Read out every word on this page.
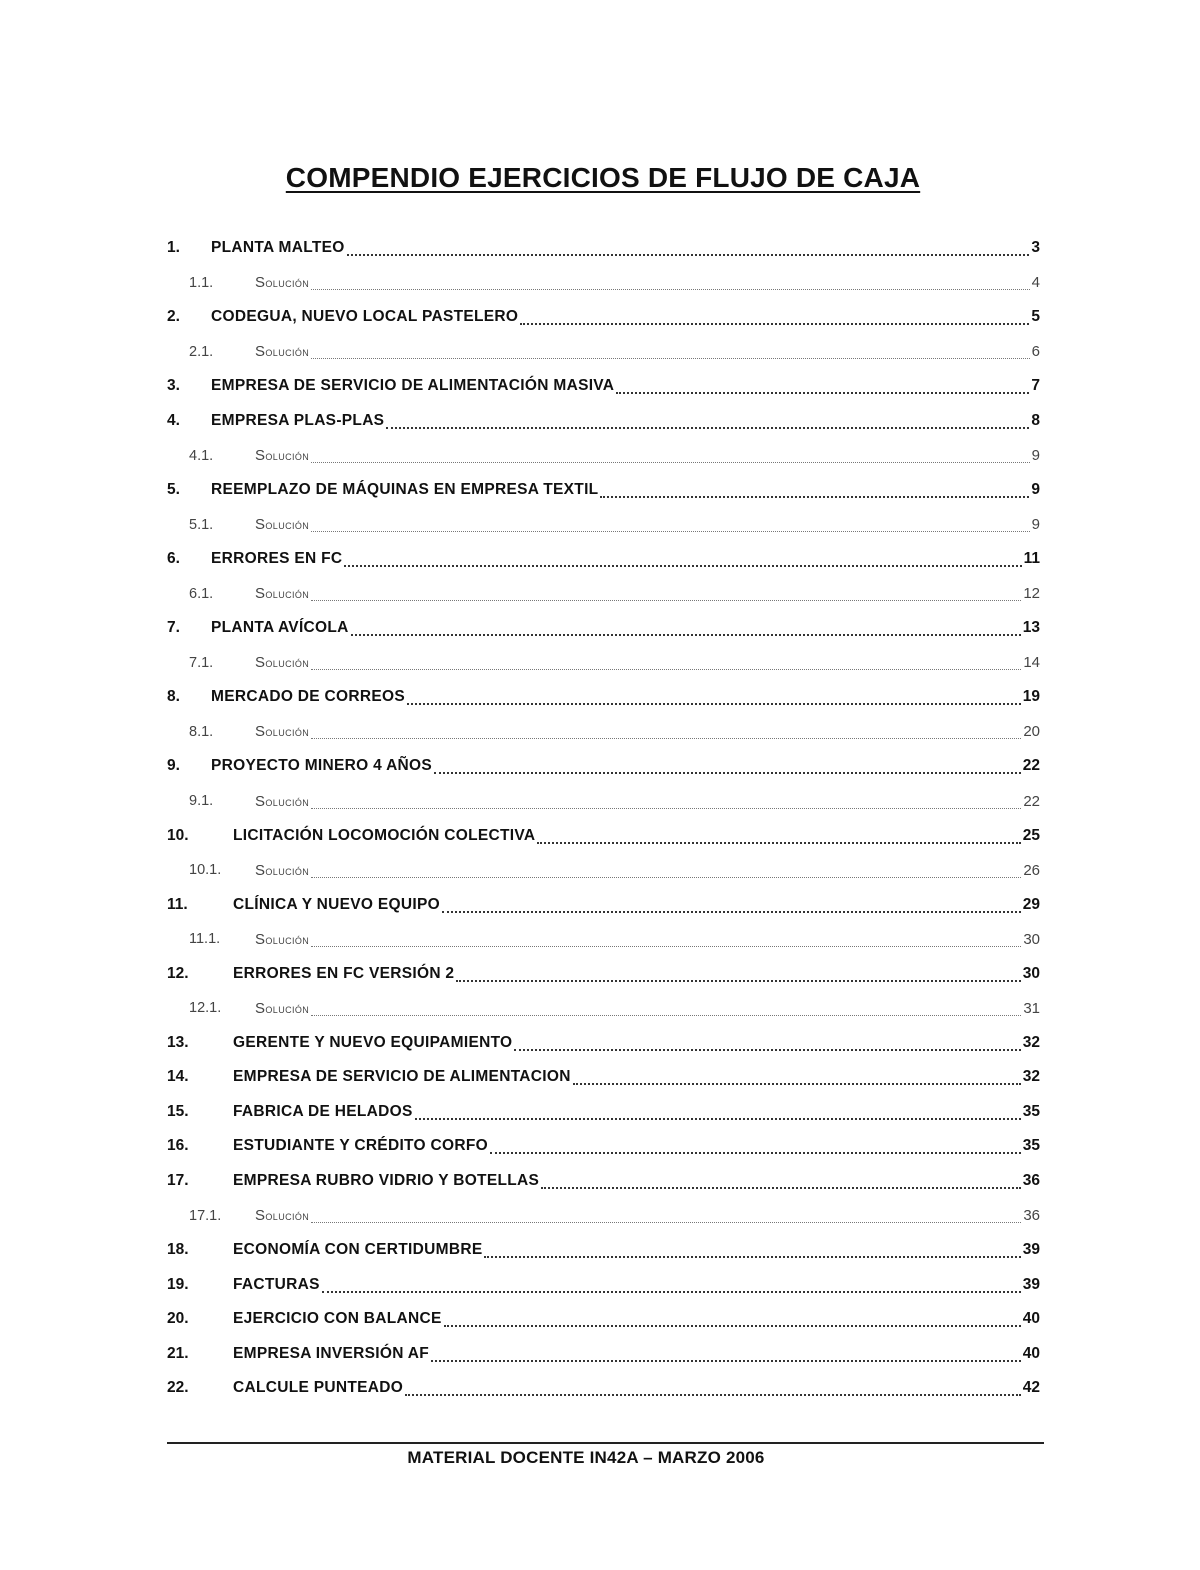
COMPENDIO EJERCICIOS DE FLUJO DE CAJA
1.	PLANTA MALTEO	3
1.1.	Solución	4
2.	CODEGUA, NUEVO LOCAL PASTELERO	5
2.1.	Solución	6
3.	EMPRESA DE SERVICIO DE ALIMENTACIÓN MASIVA	7
4.	EMPRESA PLAS-PLAS	8
4.1.	Solución	9
5.	REEMPLAZO DE MÁQUINAS EN EMPRESA TEXTIL	9
5.1.	Solución	9
6.	ERRORES EN FC	11
6.1.	Solución	12
7.	PLANTA AVÍCOLA	13
7.1.	Solución	14
8.	MERCADO DE CORREOS	19
8.1.	Solución	20
9.	PROYECTO MINERO 4 AÑOS	22
9.1.	Solución	22
10.	LICITACIÓN LOCOMOCIÓN COLECTIVA	25
10.1.	Solución	26
11.	CLÍNICA Y NUEVO EQUIPO	29
11.1.	Solución	30
12.	ERRORES EN FC VERSIÓN 2	30
12.1.	Solución	31
13.	GERENTE Y NUEVO EQUIPAMIENTO	32
14.	EMPRESA DE SERVICIO DE ALIMENTACION	32
15.	FABRICA DE HELADOS	35
16.	ESTUDIANTE Y CRÉDITO CORFO	35
17.	EMPRESA RUBRO VIDRIO Y BOTELLAS	36
17.1.	Solución	36
18.	ECONOMÍA CON CERTIDUMBRE	39
19.	FACTURAS	39
20.	EJERCICIO CON BALANCE	40
21.	EMPRESA INVERSIÓN AF	40
22.	CALCULE PUNTEADO	42
MATERIAL DOCENTE IN42A – MARZO 2006
